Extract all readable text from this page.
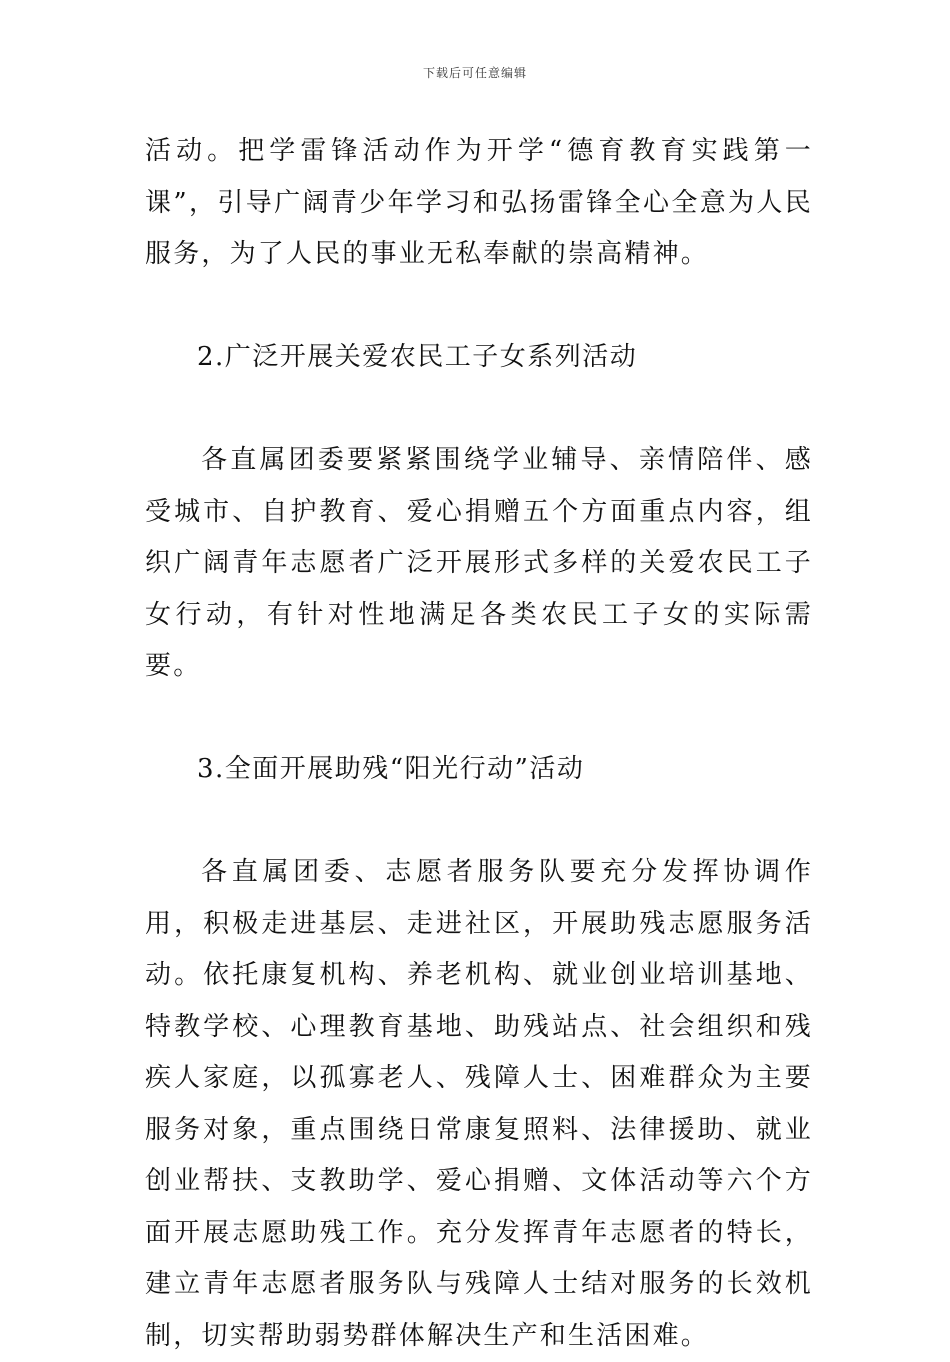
下载后可任意编辑

活动。把学雷锋活动作为开学“德育教育实践第一课”，引导广阔青少年学习和弘扬雷锋全心全意为人民服务，为了人民的事业无私奉献的崇高精神。

2.广泛开展关爱农民工子女系列活动

各直属团委要紧紧围绕学业辅导、亲情陪伴、感受城市、自护教育、爱心捐赠五个方面重点内容，组织广阔青年志愿者广泛开展形式多样的关爱农民工子女行动，有针对性地满足各类农民工子女的实际需要。

3.全面开展助残“阳光行动”活动

各直属团委、志愿者服务队要充分发挥协调作用，积极走进基层、走进社区，开展助残志愿服务活动。依托康复机构、养老机构、就业创业培训基地、特教学校、心理教育基地、助残站点、社会组织和残疾人家庭，以孤寡老人、残障人士、困难群众为主要服务对象，重点围绕日常康复照料、法律援助、就业创业帮扶、支教助学、爱心捐赠、文体活动等六个方面开展志愿助残工作。充分发挥青年志愿者的特长，建立青年志愿者服务队与残障人士结对服务的长效机制，切实帮助弱势群体解决生产和生活困难。
